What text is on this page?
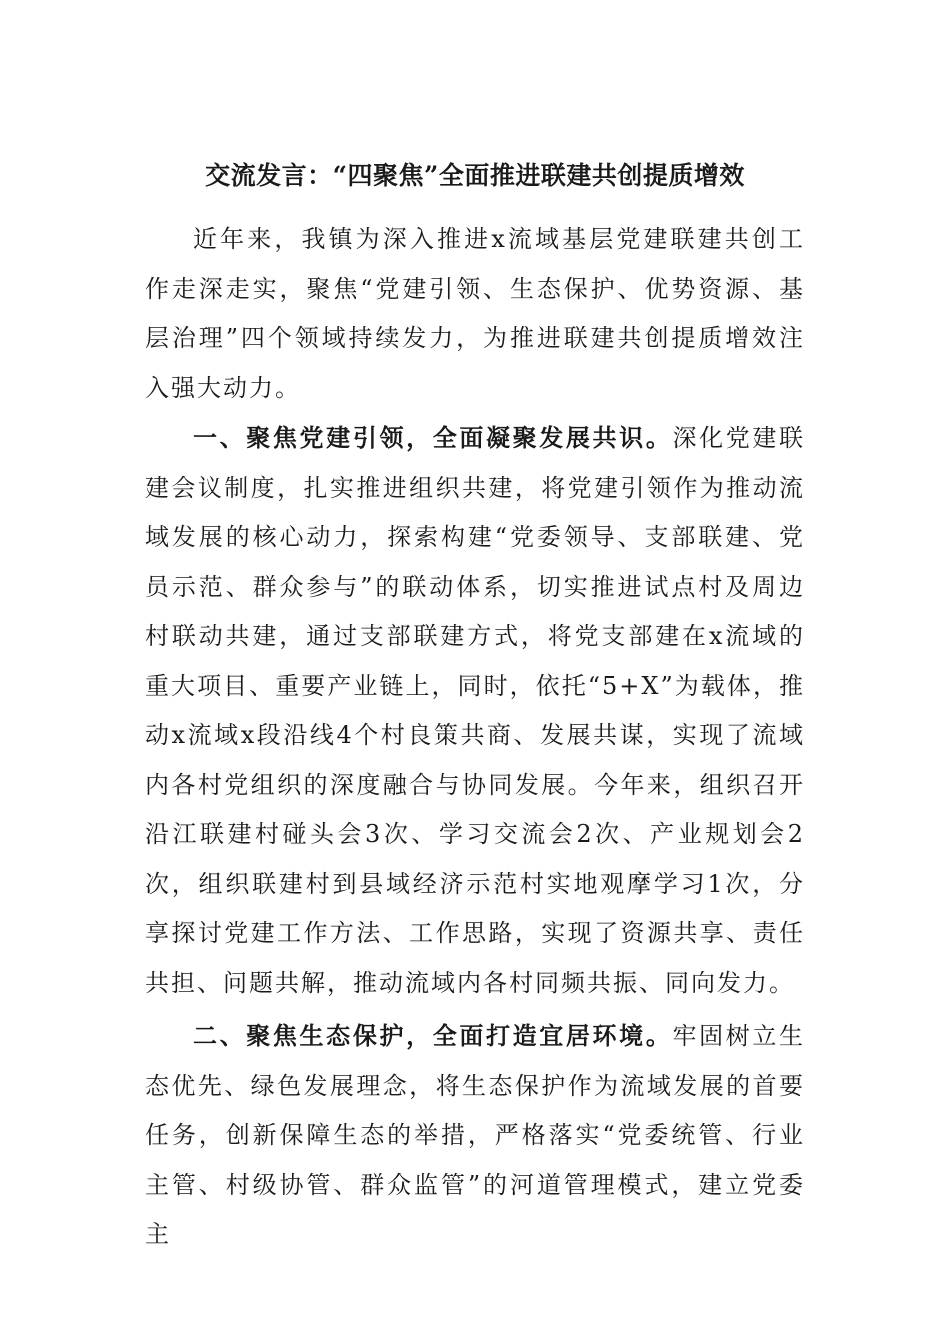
交流发言：“四聚焦”全面推进联建共创提质增效

近年来，我镇为深入推进x流域基层党建联建共创工作走深走实，聚焦“党建引领、生态保护、优势资源、基层治理”四个领域持续发力，为推进联建共创提质增效注入强大动力。

一、聚焦党建引领，全面凝聚发展共识。深化党建联建会议制度，扎实推进组织共建，将党建引领作为推动流域发展的核心动力，探索构建“党委领导、支部联建、党员示范、群众参与”的联动体系，切实推进试点村及周边村联动共建，通过支部联建方式，将党支部建在x流域的重大项目、重要产业链上，同时，依托“5+X”为载体，推动x流域x段沿线4个村良策共商、发展共谋，实现了流域内各村党组织的深度融合与协同发展。今年来，组织召开沿江联建村碰头会3次、学习交流会2次、产业规划会2次，组织联建村到县域经济示范村实地观摩学习1次，分享探讨党建工作方法、工作思路，实现了资源共享、责任共担、问题共解，推动流域内各村同频共振、同向发力。

二、聚焦生态保护，全面打造宜居环境。牢固树立生态优先、绿色发展理念，将生态保护作为流域发展的首要任务，创新保障生态的举措，严格落实“党委统管、行业主管、村级协管、群众监管”的河道管理模式，建立党委主
